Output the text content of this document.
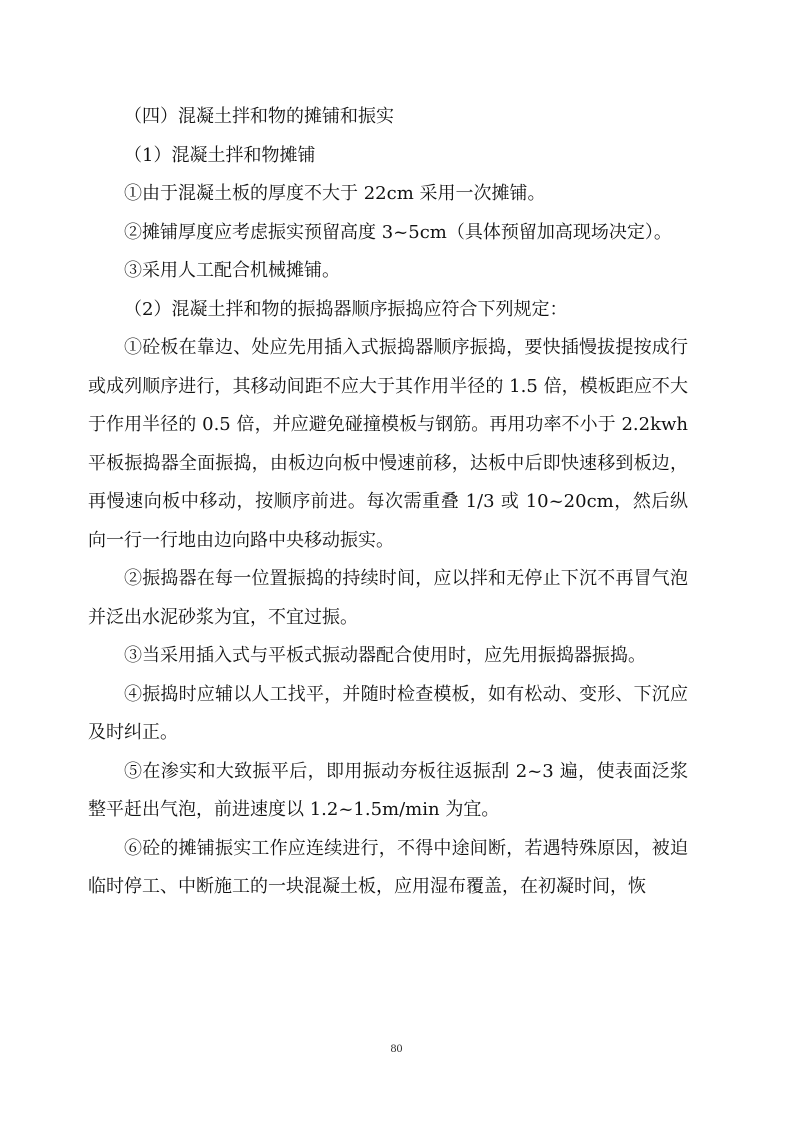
（四）混凝土拌和物的摊铺和振实

（1）混凝土拌和物摊铺

①由于混凝土板的厚度不大于 22cm 采用一次摊铺。

②摊铺厚度应考虑振实预留高度 3~5cm（具体预留加高现场决定）。

③采用人工配合机械摊铺。

（2）混凝土拌和物的振捣器顺序振捣应符合下列规定：

①砼板在靠边、处应先用插入式振捣器顺序振捣，要快插慢拔提按成行或成列顺序进行，其移动间距不应大于其作用半径的 1.5 倍，模板距应不大于作用半径的 0.5 倍，并应避免碰撞模板与钢筋。再用功率不小于 2.2kwh 平板振捣器全面振捣，由板边向板中慢速前移，达板中后即快速移到板边，再慢速向板中移动，按顺序前进。每次需重叠 1/3 或 10~20cm，然后纵向一行一行地由边向路中央移动振实。

②振捣器在每一位置振捣的持续时间，应以拌和无停止下沉不再冒气泡并泛出水泥砂浆为宜，不宜过振。

③当采用插入式与平板式振动器配合使用时，应先用振捣器振捣。

④振捣时应辅以人工找平，并随时检查模板，如有松动、变形、下沉应及时纠正。

⑤在渗实和大致振平后，即用振动夯板往返振刮 2~3 遍，使表面泛浆整平赶出气泡，前进速度以 1.2~1.5m/min 为宜。

⑥砼的摊铺振实工作应连续进行，不得中途间断，若遇特殊原因，被迫临时停工、中断施工的一块混凝土板，应用湿布覆盖，在初凝时间，恢

80
